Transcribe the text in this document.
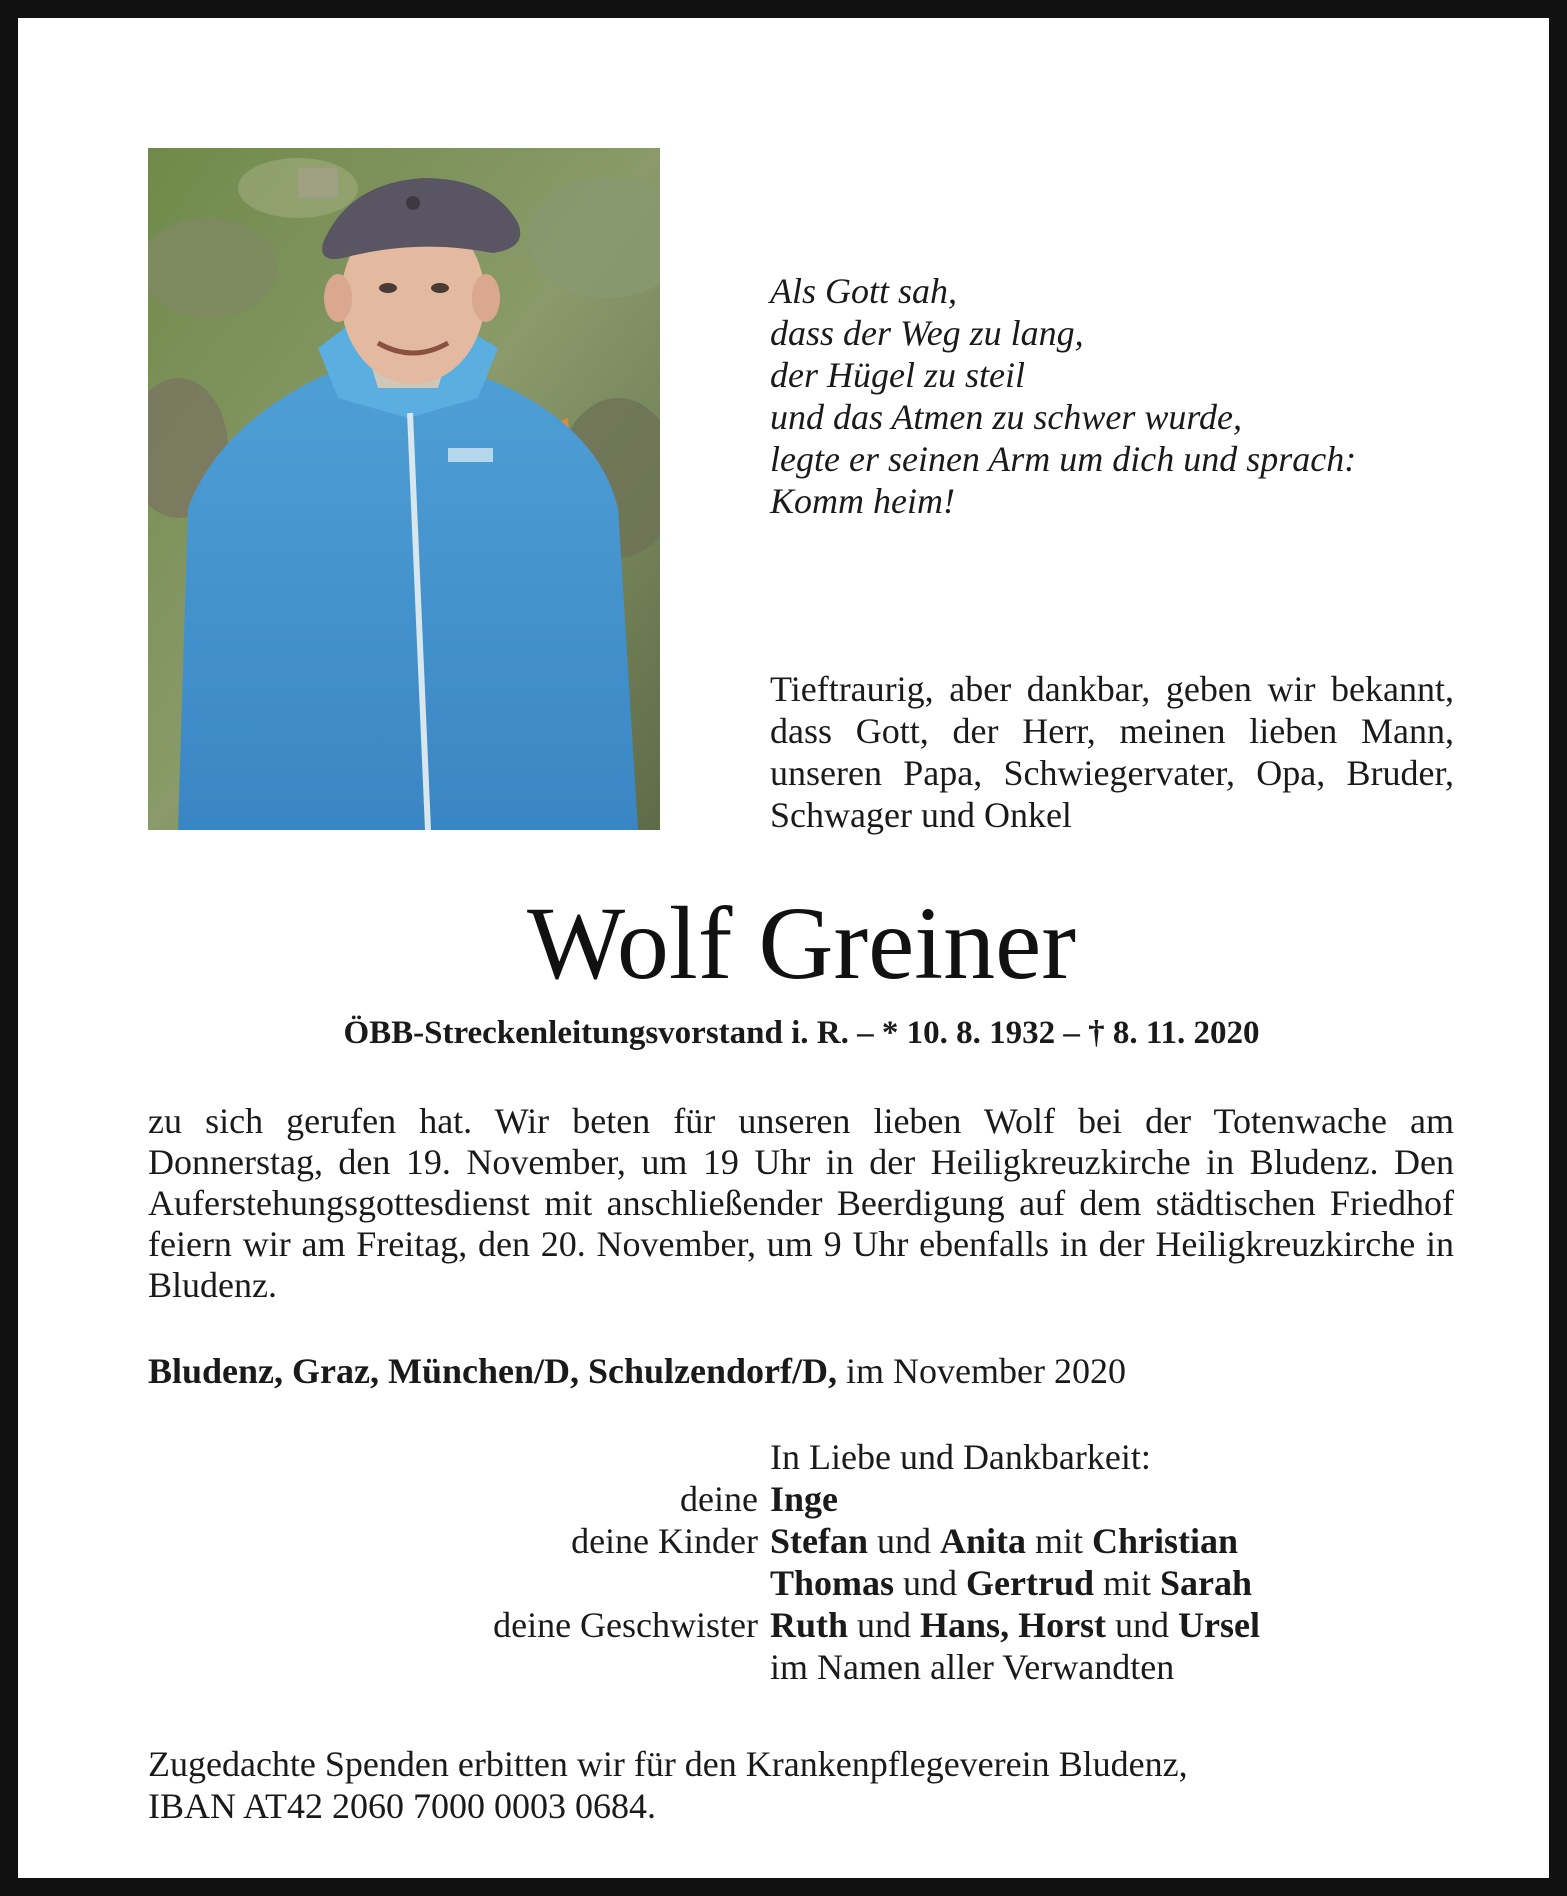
Als Gott sah,
dass der Weg zu lang,
der Hügel zu steil
und das Atmen zu schwer wurde,
legte er seinen Arm um dich und sprach:
Komm heim!
Tieftraurig, aber dankbar, geben wir bekannt, dass Gott, der Herr, meinen lieben Mann, unseren Papa, Schwiegervater, Opa, Bruder, Schwager und Onkel
Wolf Greiner
ÖBB-Streckenleitungsvorstand i. R. – * 10. 8. 1932 – † 8. 11. 2020
zu sich gerufen hat. Wir beten für unseren lieben Wolf bei der Totenwache am Donnerstag, den 19. November, um 19 Uhr in der Heiligkreuzkirche in Bludenz. Den Auferstehungsgottesdienst mit anschließender Beerdigung auf dem städtischen Friedhof feiern wir am Freitag, den 20. November, um 9 Uhr ebenfalls in der Heiligkreuzkirche in Bludenz.
Bludenz, Graz, München/D, Schulzendorf/D, im November 2020
In Liebe und Dankbarkeit:
Zugedachte Spenden erbitten wir für den Krankenpflegeverein Bludenz,
IBAN AT42 2060 7000 0003 0684.
deine Inge
deine Kinder Stefan und Anita mit Christian
Thomas und Gertrud mit Sarah
deine Geschwister Ruth und Hans, Horst und Ursel
im Namen aller Verwandten
